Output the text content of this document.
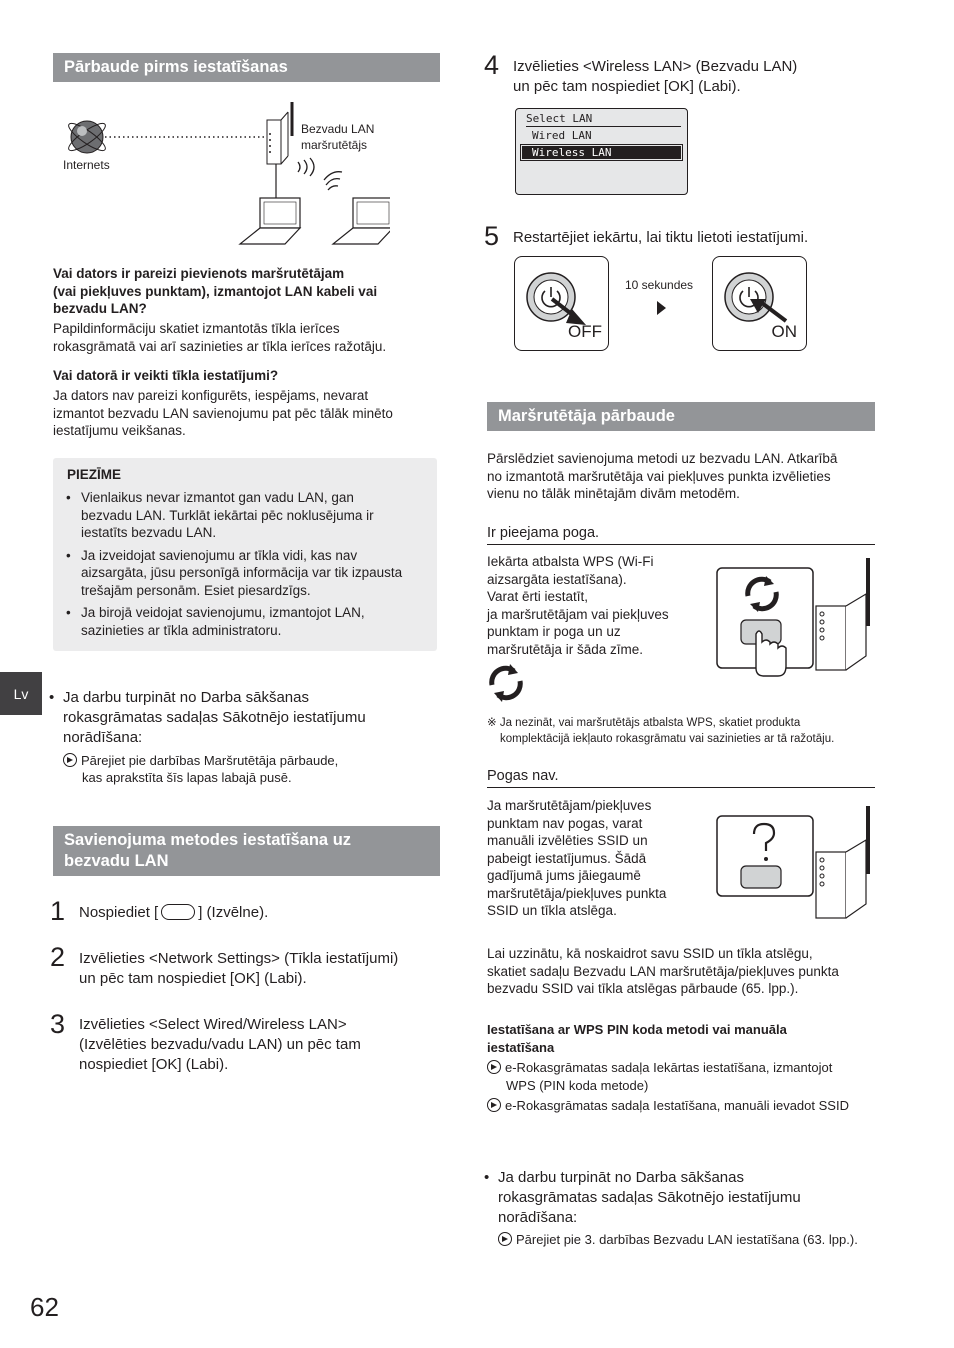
Pārbaude pirms iestatīšanas
Internets
Bezvadu LAN
maršrutētājs
Vai dators ir pareizi pievienots maršrutētājam
(vai piekļuves punktam), izmantojot LAN kabeli vai
bezvadu LAN?
Papildinformāciju skatiet izmantotās tīkla ierīces
rokasgrāmatā vai arī sazinieties ar tīkla ierīces ražotāju.
Vai datorā ir veikti tīkla iestatījumi?
Ja dators nav pareizi konfigurēts, iespējams, nevarat
izmantot bezvadu LAN savienojumu pat pēc tālāk minēto
iestatījumu veikšanas.
PIEZĪME
• Vienlaikus nevar izmantot gan vadu LAN, gan bezvadu LAN. Turklāt iekārtai pēc noklusējuma ir iestatīts bezvadu LAN.
• Ja izveidojat savienojumu ar tīkla vidi, kas nav aizsargāta, jūsu personīgā informācija var tik izpausta trešajām personām. Esiet piesardzīgs.
• Ja birojā veidojat savienojumu, izmantojot LAN, sazinieties ar tīkla administratoru.
Lv	• Ja darbu turpināt no Darba sākšanas
rokasgrāmatas sadaļas Sākotnējo iestatījumu
norādīšana:
Pārejiet pie darbības Maršrutētāja pārbaude,
kas aprakstīta šīs lapas labajā pusē.
Savienojuma metodes iestatīšana uz
bezvadu LAN
1 Nospiediet [	] (Izvēlne).
2 Izvēlieties <Network Settings> (Tīkla iestatījumi)
un pēc tam nospiediet [OK] (Labi).
3 Izvēlieties <Select Wired/Wireless LAN>
(Izvēlēties bezvadu/vadu LAN) un pēc tam
nospiediet [OK] (Labi).
62
4 Izvēlieties <Wireless LAN> (Bezvadu LAN)
un pēc tam nospiediet [OK] (Labi).
Select LAN
Wired LAN
Wireless LAN
5 Restartējiet iekārtu, lai tiktu lietoti iestatījumi.
OFF
10 sekundes
ON
Maršrutētāja pārbaude
Pārslēdziet savienojuma metodi uz bezvadu LAN. Atkarībā
no izmantotā maršrutētāja vai piekļuves punkta izvēlieties
vienu no tālāk minētajām divām metodēm.
Ir pieejama poga.
Iekārta atbalsta WPS (Wi-Fi
aizsargāta iestatīšana).
Varat ērti iestatīt,
ja maršrutētājam vai piekļuves
punktam ir poga un uz
maršrutētāja ir šāda zīme.
※ Ja nezināt, vai maršrutētājs atbalsta WPS, skatiet produkta
komplektācijā iekļauto rokasgrāmatu vai sazinieties ar tā ražotāju.
Pogas nav.
Ja maršrutētājam/piekļuves
punktam nav pogas, varat
manuāli izvēlēties SSID un
pabeigt iestatījumus. Šādā
gadījumā jums jāiegaumē
maršrutētāja/piekļuves punkta
SSID un tīkla atslēga.
Lai uzzinātu, kā noskaidrot savu SSID un tīkla atslēgu,
skatiet sadaļu Bezvadu LAN maršrutētāja/piekļuves punkta
bezvadu SSID vai tīkla atslēgas pārbaude (65. lpp.).
Iestatīšana ar WPS PIN koda metodi vai manuāla
iestatīšana
e-Rokasgrāmatas sadaļa Iekārtas iestatīšana, izmantojot
WPS (PIN koda metode)
e-Rokasgrāmatas sadaļa Iestatīšana, manuāli ievadot SSID
• Ja darbu turpināt no Darba sākšanas
rokasgrāmatas sadaļas Sākotnējo iestatījumu
norādīšana:
Pārejiet pie 3. darbības Bezvadu LAN iestatīšana (63. lpp.).
